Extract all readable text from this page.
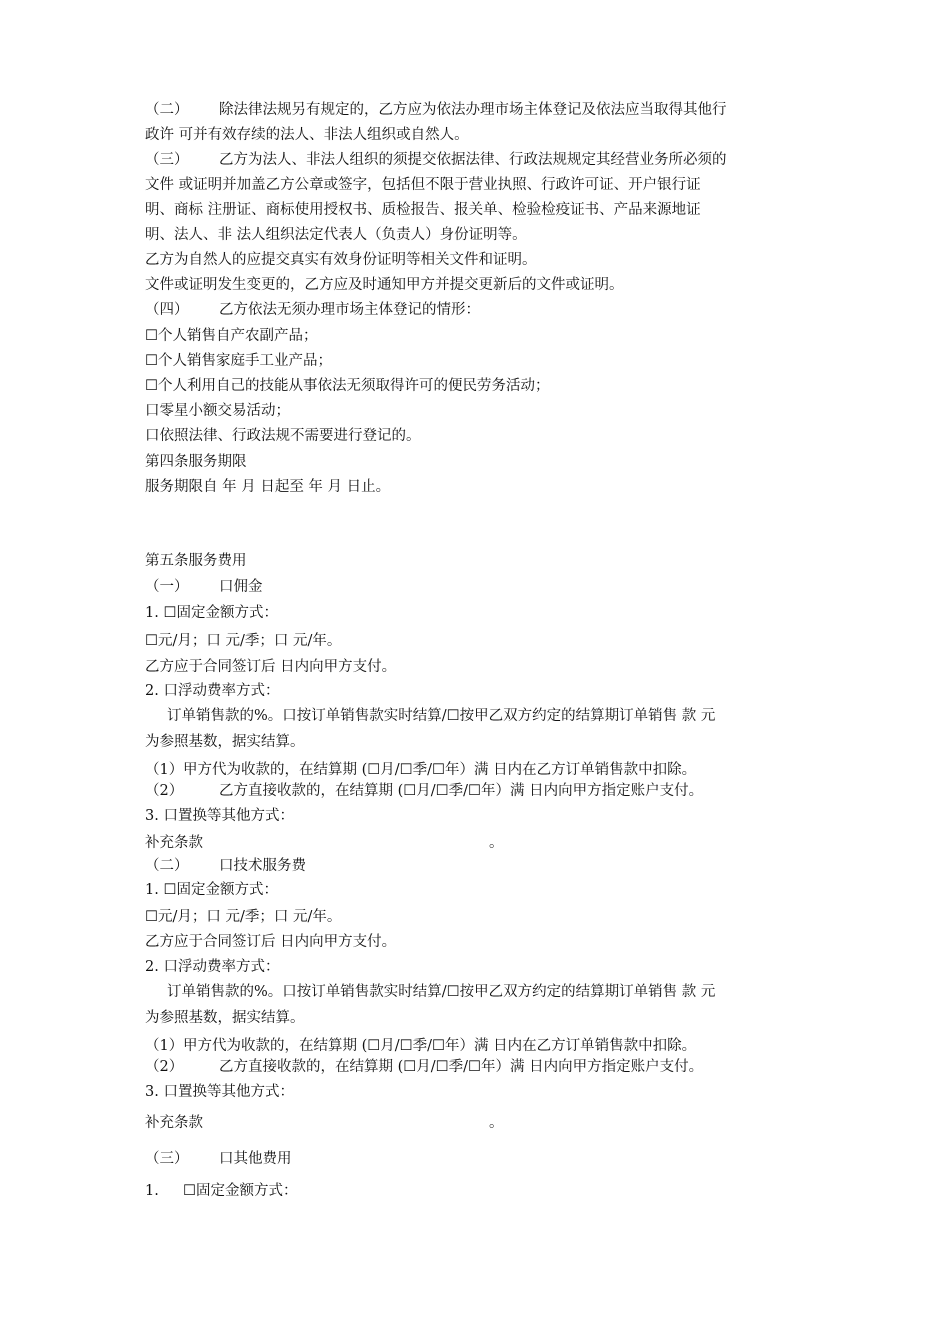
（二） 除法律法规另有规定的，乙方应为依法办理市场主体登记及依法应当取得其他行
政许 可并有效存续的法人、非法人组织或自然人。
（三） 乙方为法人、非法人组织的须提交依据法律、行政法规规定其经营业务所必须的
文件 或证明并加盖乙方公章或签字，包括但不限于营业执照、行政许可证、开户银行证
明、商标 注册证、商标使用授权书、质检报告、报关单、检验检疫证书、产品来源地证
明、法人、非 法人组织法定代表人（负责人）身份证明等。
乙方为自然人的应提交真实有效身份证明等相关文件和证明。
文件或证明发生变更的，乙方应及时通知甲方并提交更新后的文件或证明。
（四） 乙方依法无须办理市场主体登记的情形：
☐个人销售自产农副产品；
☐个人销售家庭手工业产品；
☐个人利用自己的技能从事依法无须取得许可的便民劳务活动；
口零星小额交易活动；
口依照法律、行政法规不需要进行登记的。
第四条服务期限
服务期限自 年 月 日起至 年 月 日止。
第五条服务费用
（一） 口佣金
1. ☐固定金额方式：
☐元/月；口 元/季；口 元/年。
乙方应于合同签订后 日内向甲方支付。
2. 口浮动费率方式：
订单销售款的%。口按订单销售款实时结算/☐按甲乙双方约定的结算期订单销售 款 元
为参照基数，据实结算。
（1）甲方代为收款的，在结算期 (☐月/☐季/☐年）满 日内在乙方订单销售款中扣除。
（2） 乙方直接收款的，在结算期 (☐月/☐季/☐年）满 日内向甲方指定账户支付。
3. 口置换等其他方式：
补充条款	。
（二） 口技术服务费
1. ☐固定金额方式：
☐元/月；口 元/季；口 元/年。
乙方应于合同签订后 日内向甲方支付。
2. 口浮动费率方式：
订单销售款的%。口按订单销售款实时结算/☐按甲乙双方约定的结算期订单销售 款 元
为参照基数，据实结算。
（1）甲方代为收款的，在结算期 (☐月/☐季/☐年）满 日内在乙方订单销售款中扣除。
（2） 乙方直接收款的，在结算期 (☐月/☐季/☐年）满 日内向甲方指定账户支付。
3. 口置换等其他方式：
补充条款	。
（三） 口其他费用
1. ☐固定金额方式：
